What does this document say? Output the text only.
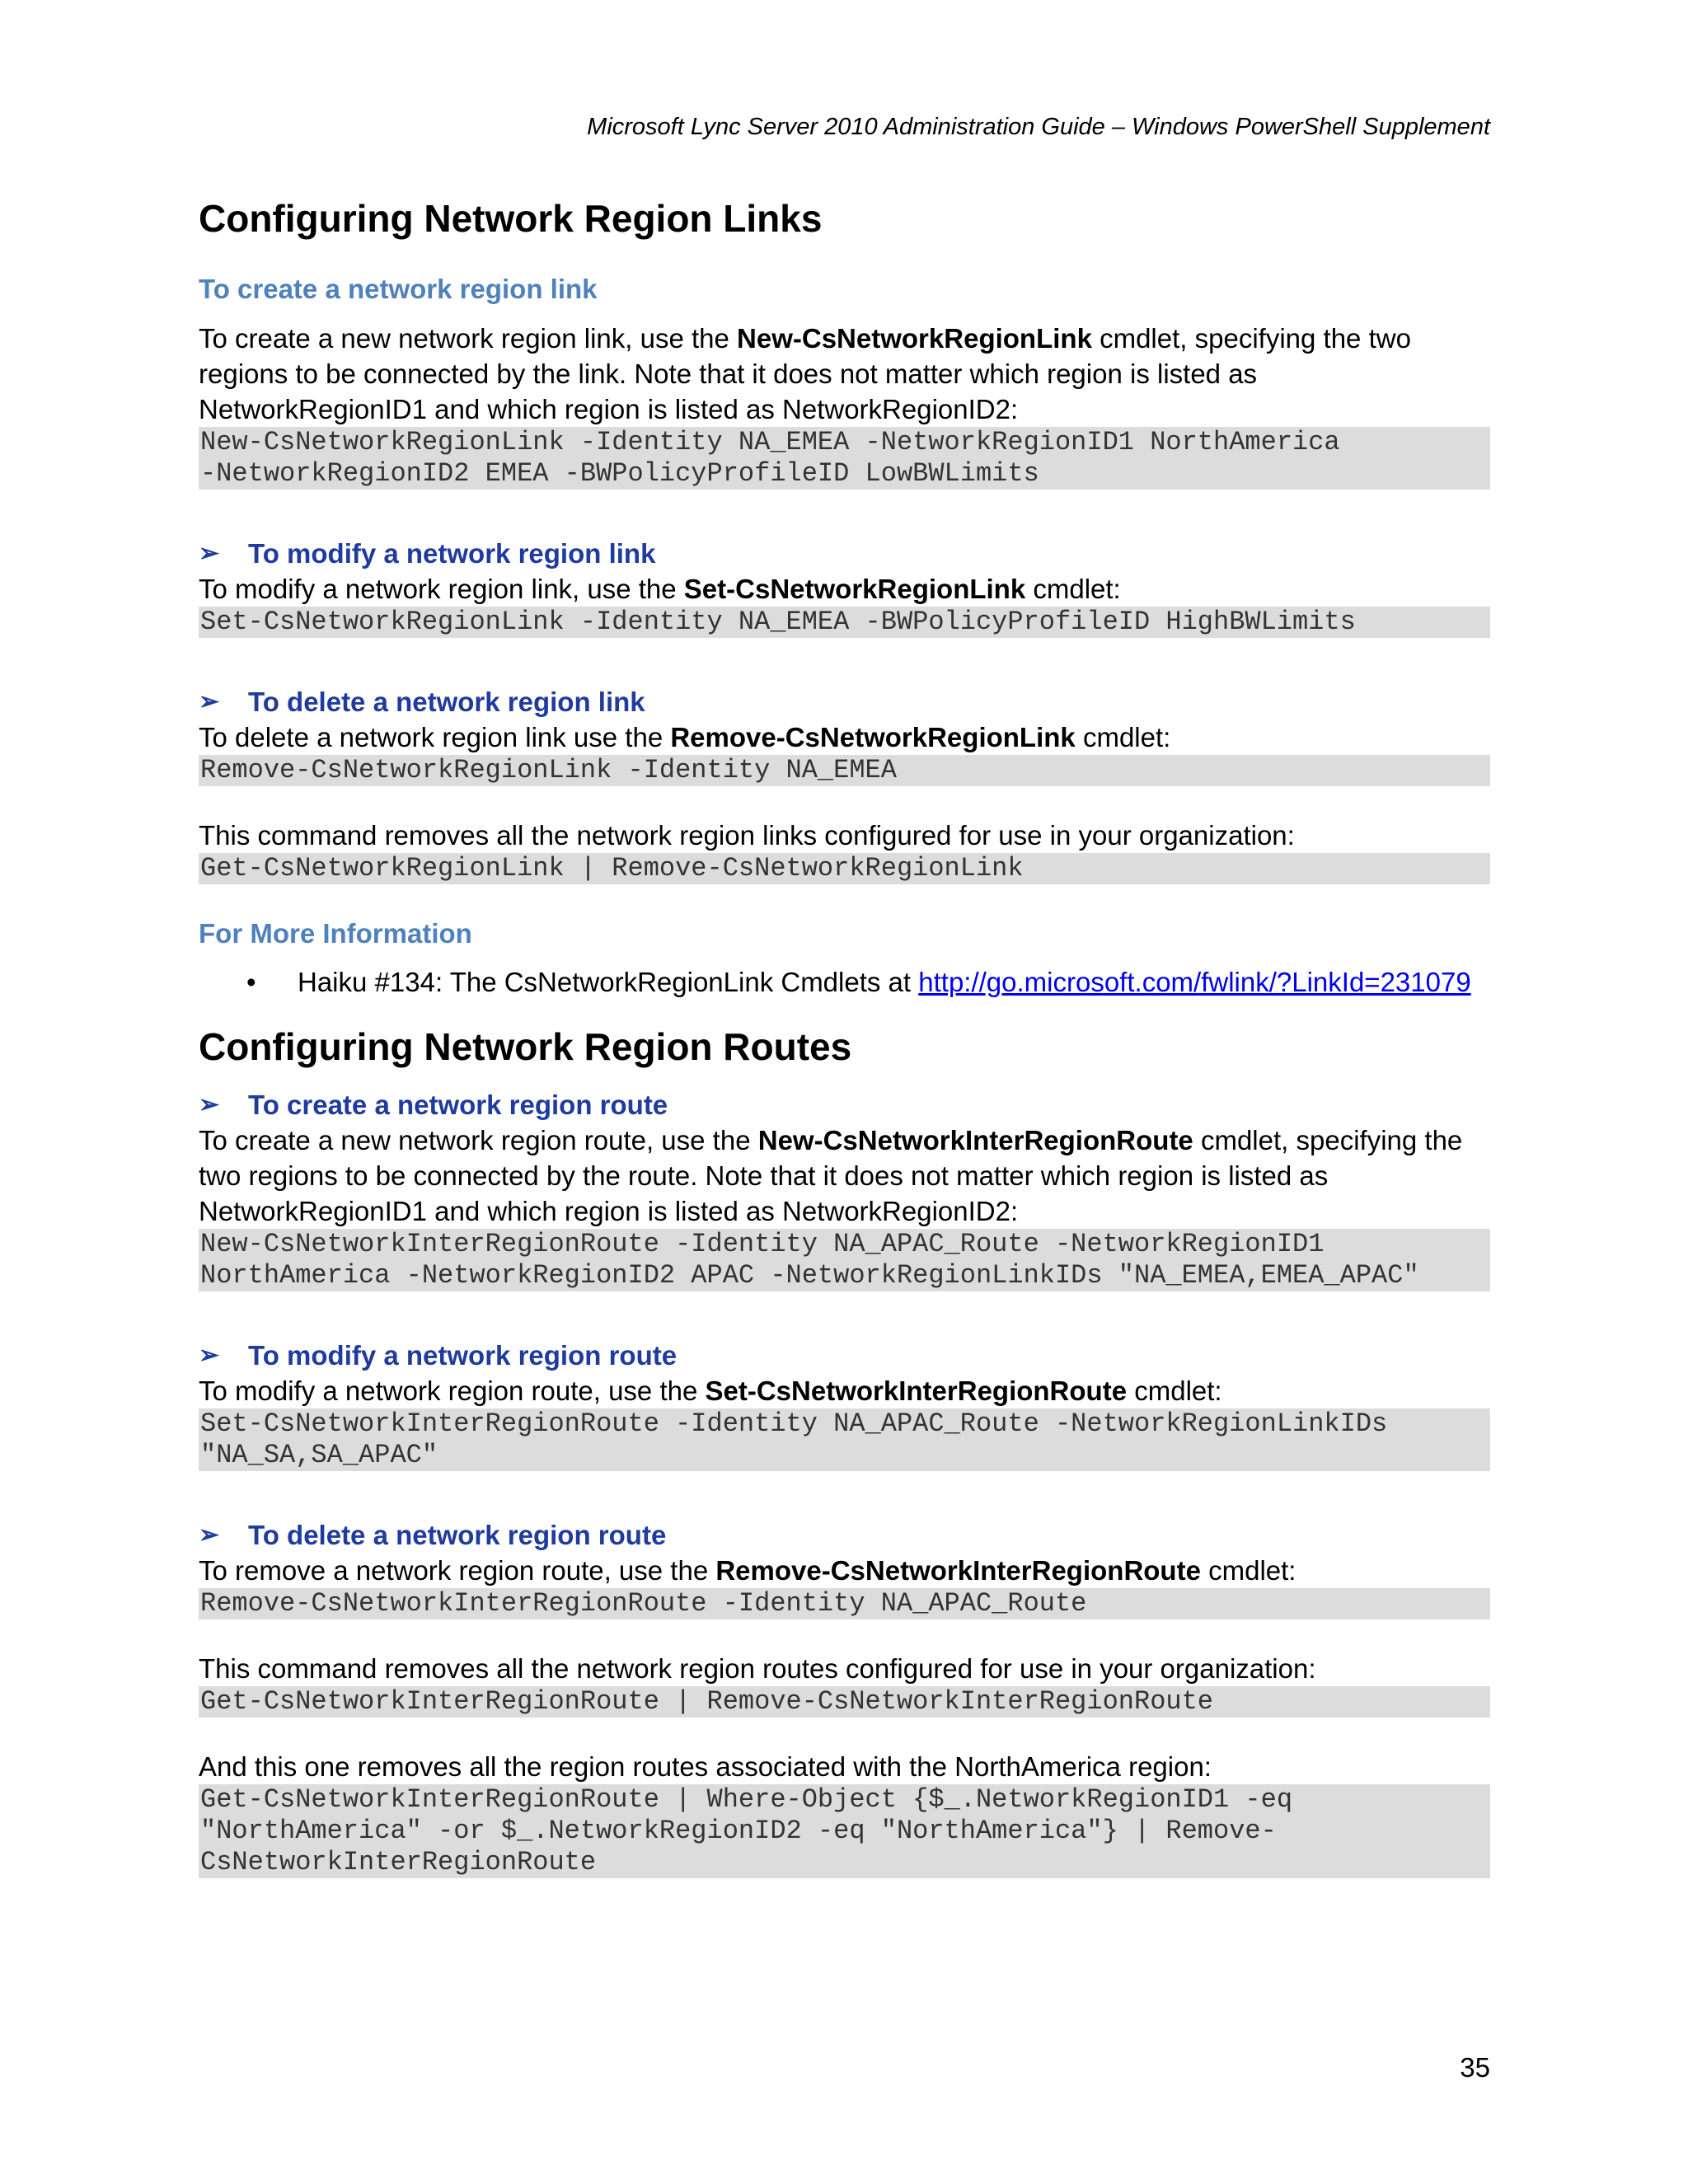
Microsoft Lync Server 2010 Administration Guide – Windows PowerShell Supplement
Configuring Network Region Links
To create a network region link

To create a new network region link, use the New-CsNetworkRegionLink cmdlet, specifying the two regions to be connected by the link. Note that it does not matter which region is listed as NetworkRegionID1 and which region is listed as NetworkRegionID2:

New-CsNetworkRegionLink -Identity NA_EMEA -NetworkRegionID1 NorthAmerica
-NetworkRegionID2 EMEA -BWPolicyProfileID LowBWLimits
➢	To modify a network region link

To modify a network region link, use the Set-CsNetworkRegionLink cmdlet:

Set-CsNetworkRegionLink -Identity NA_EMEA -BWPolicyProfileID HighBWLimits
➢	To delete a network region link

To delete a network region link use the Remove-CsNetworkRegionLink cmdlet:

Remove-CsNetworkRegionLink -Identity NA_EMEA

This command removes all the network region links configured for use in your organization:

Get-CsNetworkRegionLink | Remove-CsNetworkRegionLink
For More Information
•	Haiku #134: The CsNetworkRegionLink Cmdlets at http://go.microsoft.com/fwlink/?LinkId=231079
Configuring Network Region Routes
➢	To create a network region route

To create a new network region route, use the New-CsNetworkInterRegionRoute cmdlet, specifying the two regions to be connected by the route. Note that it does not matter which region is listed as NetworkRegionID1 and which region is listed as NetworkRegionID2:

New-CsNetworkInterRegionRoute -Identity NA_APAC_Route -NetworkRegionID1
NorthAmerica -NetworkRegionID2 APAC -NetworkRegionLinkIDs "NA_EMEA,EMEA_APAC"
➢	To modify a network region route

To modify a network region route, use the Set-CsNetworkInterRegionRoute cmdlet:

Set-CsNetworkInterRegionRoute -Identity NA_APAC_Route -NetworkRegionLinkIDs
"NA_SA,SA_APAC"
➢	To delete a network region route

To remove a network region route, use the Remove-CsNetworkInterRegionRoute cmdlet:

Remove-CsNetworkInterRegionRoute -Identity NA_APAC_Route

This command removes all the network region routes configured for use in your organization:

Get-CsNetworkInterRegionRoute | Remove-CsNetworkInterRegionRoute

And this one removes all the region routes associated with the NorthAmerica region:

Get-CsNetworkInterRegionRoute | Where-Object {$_.NetworkRegionID1 -eq
"NorthAmerica" -or $_.NetworkRegionID2 -eq "NorthAmerica"} | Remove-
CsNetworkInterRegionRoute
35
